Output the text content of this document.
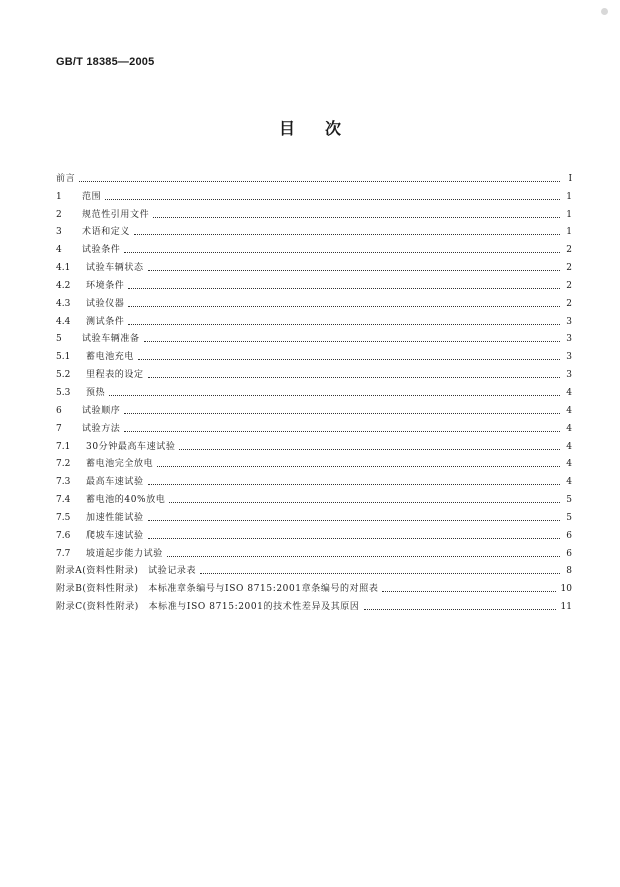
GB/T 18385—2005
目次
前言	I
1	范围	1
2	规范性引用文件	1
3	术语和定义	1
4	试验条件	2
4.1	试验车辆状态	2
4.2	环境条件	2
4.3	试验仪器	2
4.4	测试条件	3
5	试验车辆准备	3
5.1	蓄电池充电	3
5.2	里程表的设定	3
5.3	预热	4
6	试验顺序	4
7	试验方法	4
7.1	30分钟最高车速试验	4
7.2	蓄电池完全放电	4
7.3	最高车速试验	4
7.4	蓄电池的40%放电	5
7.5	加速性能试验	5
7.6	爬坡车速试验	6
7.7	坡道起步能力试验	6
附录A(资料性附录)　试验记录表	8
附录B(资料性附录)　本标准章条编号与ISO 8715:2001章条编号的对照表	10
附录C(资料性附录)　本标准与ISO 8715:2001的技术性差异及其原因	11
